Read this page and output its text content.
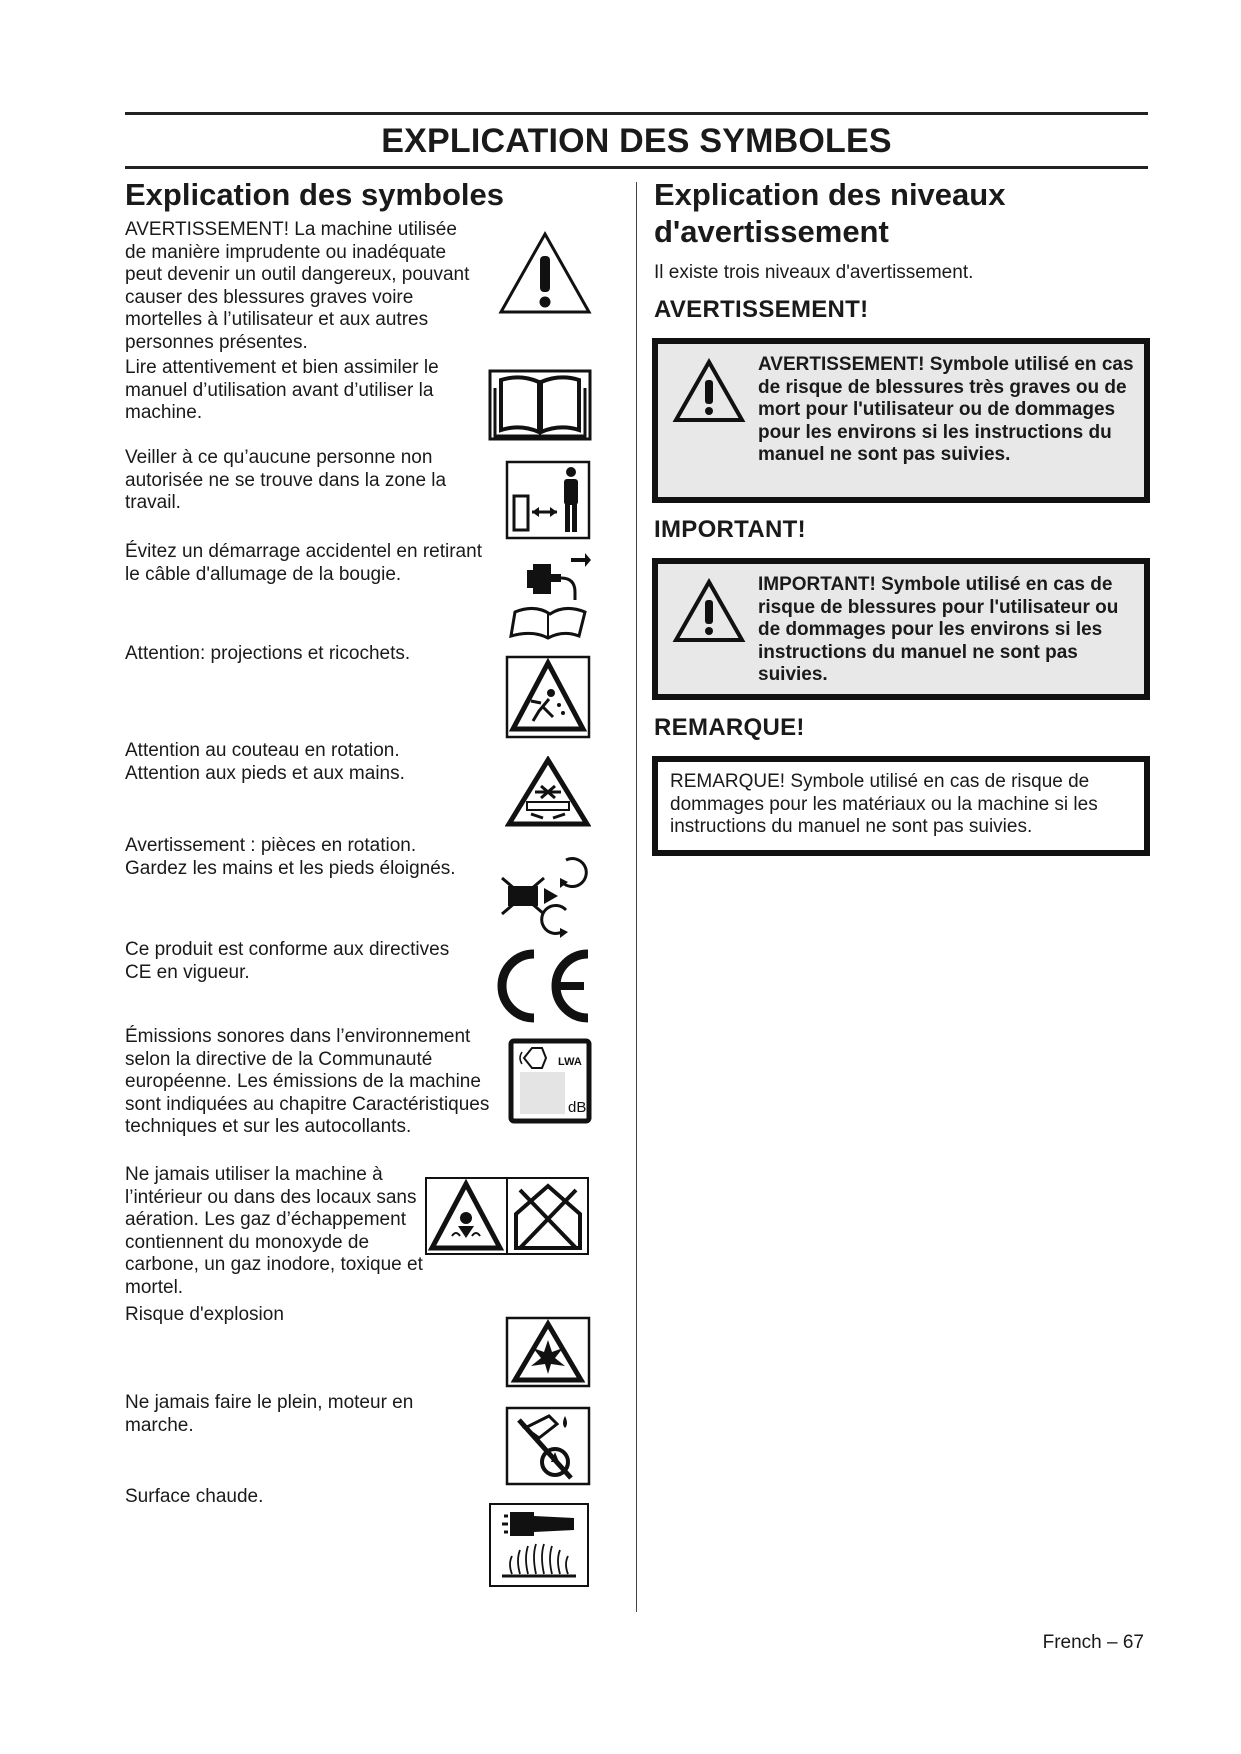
EXPLICATION DES SYMBOLES
Explication des symboles

AVERTISSEMENT! La machine utilisée de manière imprudente ou inadéquate peut devenir un outil dangereux, pouvant causer des blessures graves voire mortelles à l’utilisateur et aux autres personnes présentes.

Lire attentivement et bien assimiler le manuel d’utilisation avant d’utiliser la machine.

Veiller à ce qu’aucune personne non autorisée ne se trouve dans la zone la travail.

Évitez un démarrage accidentel en retirant le câble d'allumage de la bougie.

Attention: projections et ricochets.

Attention au couteau en rotation. Attention aux pieds et aux mains.

Avertissement : pièces en rotation. Gardez les mains et les pieds éloignés.

Ce produit est conforme aux directives CE en vigueur.

Émissions sonores dans l’environnement selon la directive de la Communauté européenne. Les émissions de la machine sont indiquées au chapitre Caractéristiques techniques et sur les autocollants.

LWA
dB

Ne jamais utiliser la machine à l’intérieur ou dans des locaux sans aération. Les gaz d’échappement contiennent du monoxyde de carbone, un gaz inodore, toxique et mortel.

Risque d'explosion

Ne jamais faire le plein, moteur en marche.

Surface chaude.

Explication des niveaux d'avertissement

Il existe trois niveaux d'avertissement.

AVERTISSEMENT!

AVERTISSEMENT! Symbole utilisé en cas de risque de blessures très graves ou de mort pour l'utilisateur ou de dommages pour les environs si les instructions du manuel ne sont pas suivies.

IMPORTANT!

IMPORTANT! Symbole utilisé en cas de risque de blessures pour l'utilisateur ou de dommages pour les environs si les instructions du manuel ne sont pas suivies.

REMARQUE!

REMARQUE! Symbole utilisé en cas de risque de dommages pour les matériaux ou la machine si les instructions du manuel ne sont pas suivies.

French – 67
